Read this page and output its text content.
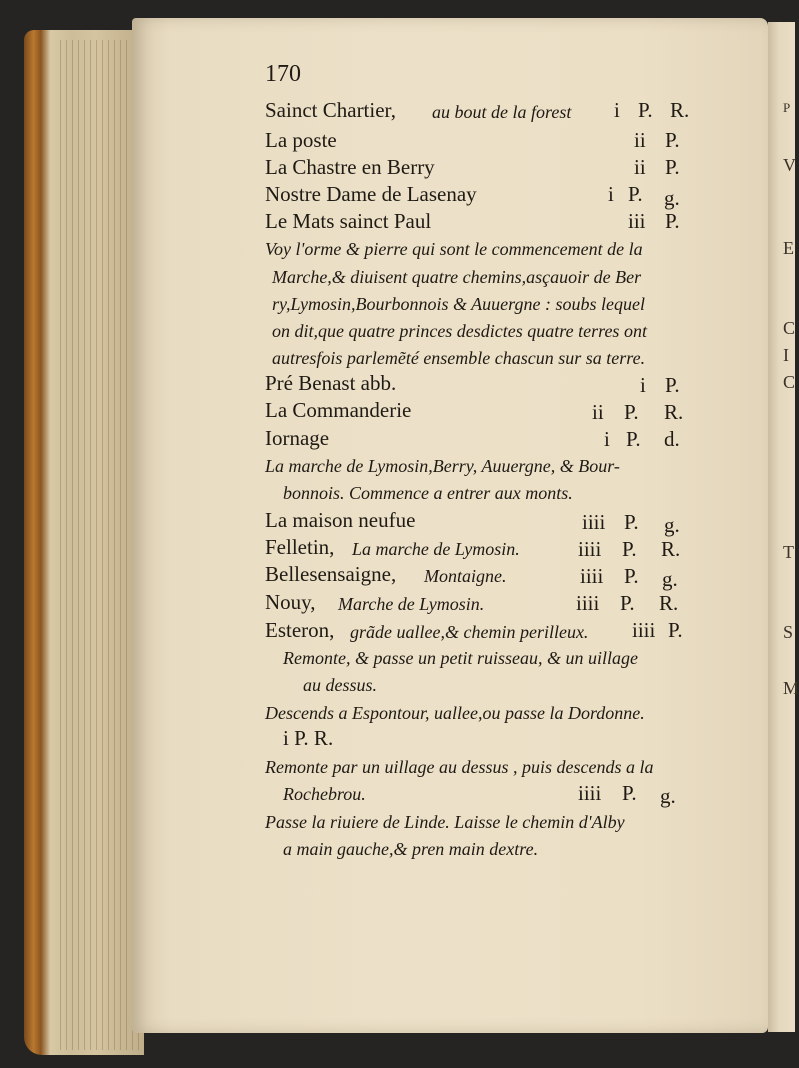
P
V
E
C
I
C
T
S
M
170
Sainct Chartier, au bout de la forest i P. R.
La poste	ii P.
La Chastre en Berry	ii P.
Nostre Dame de Lasenay	i P. g.
Le Mats sainct Paul	iii P.
Voy l'orme & pierre qui sont le commencement de la
Marche,& diuisent quatre chemins,asçauoir de Ber
ry,Lymosin,Bourbonnois & Auuergne : soubs lequel
on dit,que quatre princes desdictes quatre terres ont
autresfois parlemẽté ensemble chascun sur sa terre.
Pré Benast abb.	i P.
La Commanderie	ii P. R.
Iornage	i P. d.
La marche de Lymosin,Berry, Auuergne, & Bour-
bonnois. Commence a entrer aux monts.
La maison neufue	iiii P. g.
Felletin, La marche de Lymosin.	iiii P. R.
Bellesensaigne, Montaigne.	iiii P. g.
Nouy, Marche de Lymosin.	iiii P. R.
Esteron, grãde uallee,& chemin perilleux. iiii P.
Remonte, & passe un petit ruisseau, & un uillage
au dessus.
Descends a Espontour, uallee,ou passe la Dordonne.
i P. R.
Remonte par un uillage au dessus , puis descends a la
Rochebrou.	iiii P. g.
Passe la riuiere de Linde. Laisse le chemin d'Alby
a main gauche,& pren main dextre.
